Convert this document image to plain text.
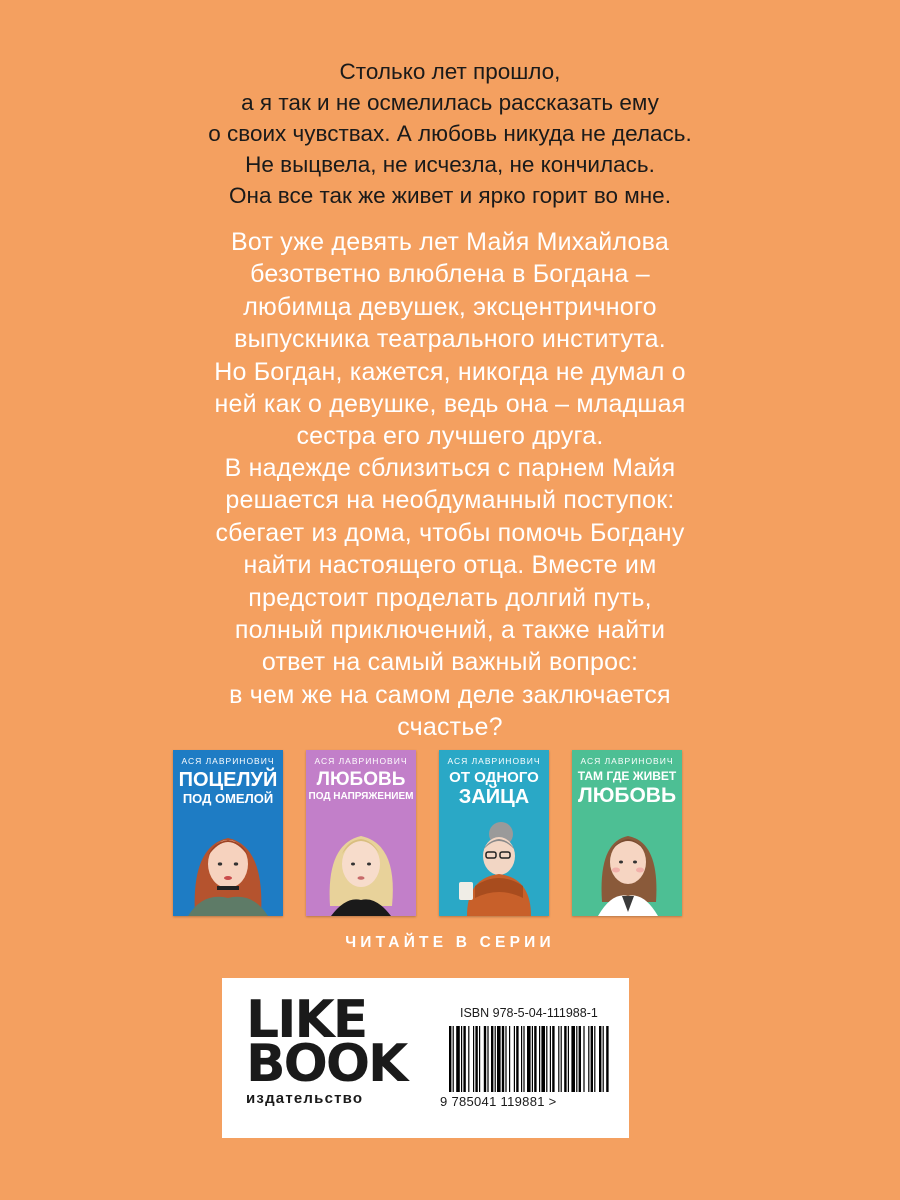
Столько лет прошло,
а я так и не осмелилась рассказать ему
о своих чувствах. А любовь никуда не делась.
Не выцвела, не исчезла, не кончилась.
Она все так же живет и ярко горит во мне.
Вот уже девять лет Майя Михайлова
безответно влюблена в Богдана –
любимца девушек, эксцентричного
выпускника театрального института.
Но Богдан, кажется, никогда не думал о
ней как о девушке, ведь она – младшая
сестра его лучшего друга.
В надежде сблизиться с парнем Майя
решается на необдуманный поступок:
сбегает из дома, чтобы помочь Богдану
найти настоящего отца. Вместе им
предстоит проделать долгий путь,
полный приключений, а также найти
ответ на самый важный вопрос:
в чем же на самом деле заключается
счастье?
АСЯ ЛАВРИНОВИЧ
ПОЦЕЛУЙ
ПОД ОМЕЛОЙ
АСЯ ЛАВРИНОВИЧ
ЛЮБОВЬ
ПОД НАПРЯЖЕНИЕМ
АСЯ ЛАВРИНОВИЧ
ОТ ОДНОГО
ЗАЙЦА
АСЯ ЛАВРИНОВИЧ
ТАМ ГДЕ ЖИВЕТ
ЛЮБОВЬ
ЧИТАЙТЕ В СЕРИИ
LIKE
BOOK
издательство
ISBN 978-5-04-111988-1
9 785041 119881 >
